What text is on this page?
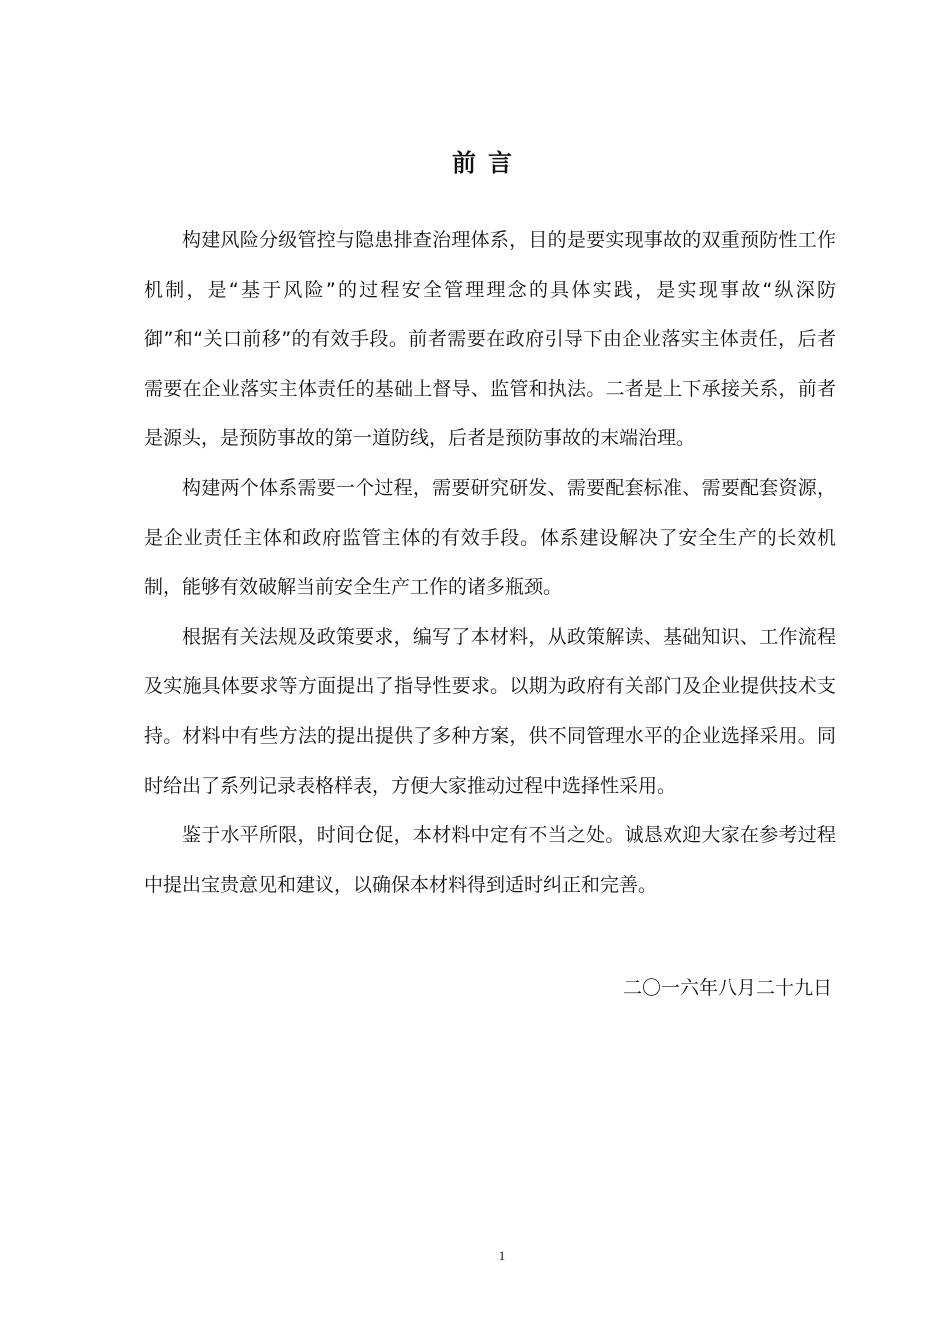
前言

构建风险分级管控与隐患排查治理体系，目的是要实现事故的双重预防性工作机制，是“基于风险”的过程安全管理理念的具体实践，是实现事故“纵深防御”和“关口前移”的有效手段。前者需要在政府引导下由企业落实主体责任，后者需要在企业落实主体责任的基础上督导、监管和执法。二者是上下承接关系，前者是源头，是预防事故的第一道防线，后者是预防事故的末端治理。

构建两个体系需要一个过程，需要研究研发、需要配套标准、需要配套资源，是企业责任主体和政府监管主体的有效手段。体系建设解决了安全生产的长效机制，能够有效破解当前安全生产工作的诸多瓶颈。

根据有关法规及政策要求，编写了本材料，从政策解读、基础知识、工作流程及实施具体要求等方面提出了指导性要求。以期为政府有关部门及企业提供技术支持。材料中有些方法的提出提供了多种方案，供不同管理水平的企业选择采用。同时给出了系列记录表格样表，方便大家推动过程中选择性采用。

鉴于水平所限，时间仓促，本材料中定有不当之处。诚恳欢迎大家在参考过程中提出宝贵意见和建议，以确保本材料得到适时纠正和完善。

二〇一六年八月二十九日
1
